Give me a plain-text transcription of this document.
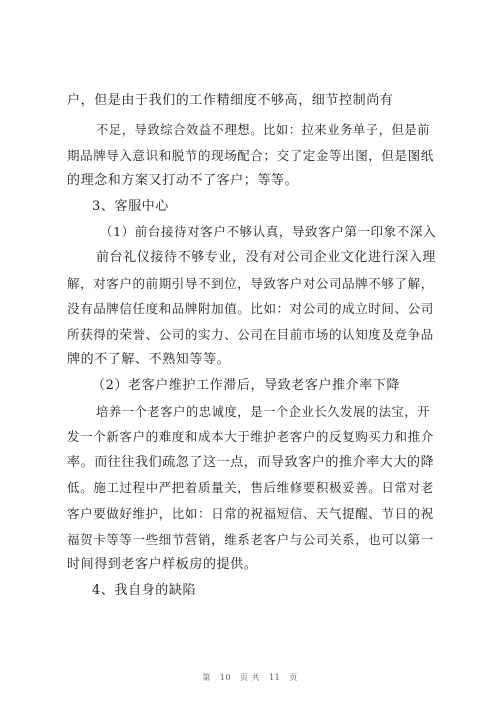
户，但是由于我们的工作精细度不够高，细节控制尚有
不足，导致综合效益不理想。比如：拉来业务单子，但是前
期品牌导入意识和脱节的现场配合；交了定金等出图，但是图纸
的理念和方案又打动不了客户；等等。
3、客服中心
（1）前台接待对客户不够认真，导致客户第一印象不深入
前台礼仪接待不够专业，没有对公司企业文化进行深入理
解，对客户的前期引导不到位，导致客户对公司品牌不够了解，
没有品牌信任度和品牌附加值。比如：对公司的成立时间、公司
所获得的荣誉、公司的实力、公司在目前市场的认知度及竞争品
牌的不了解、不熟知等等。
（2）老客户维护工作滞后，导致老客户推介率下降
培养一个老客户的忠诚度，是一个企业长久发展的法宝，开
发一个新客户的难度和成本大于维护老客户的反复购买力和推介
率。而往往我们疏忽了这一点，而导致客户的推介率大大的降
低。施工过程中严把着质量关，售后维修要积极妥善。日常对老
客户要做好维护，比如：日常的祝福短信、天气提醒、节日的祝
福贺卡等等一些细节营销，维系老客户与公司关系，也可以第一
时间得到老客户样板房的提供。
4、我自身的缺陷
第 10 页 共 11 页
